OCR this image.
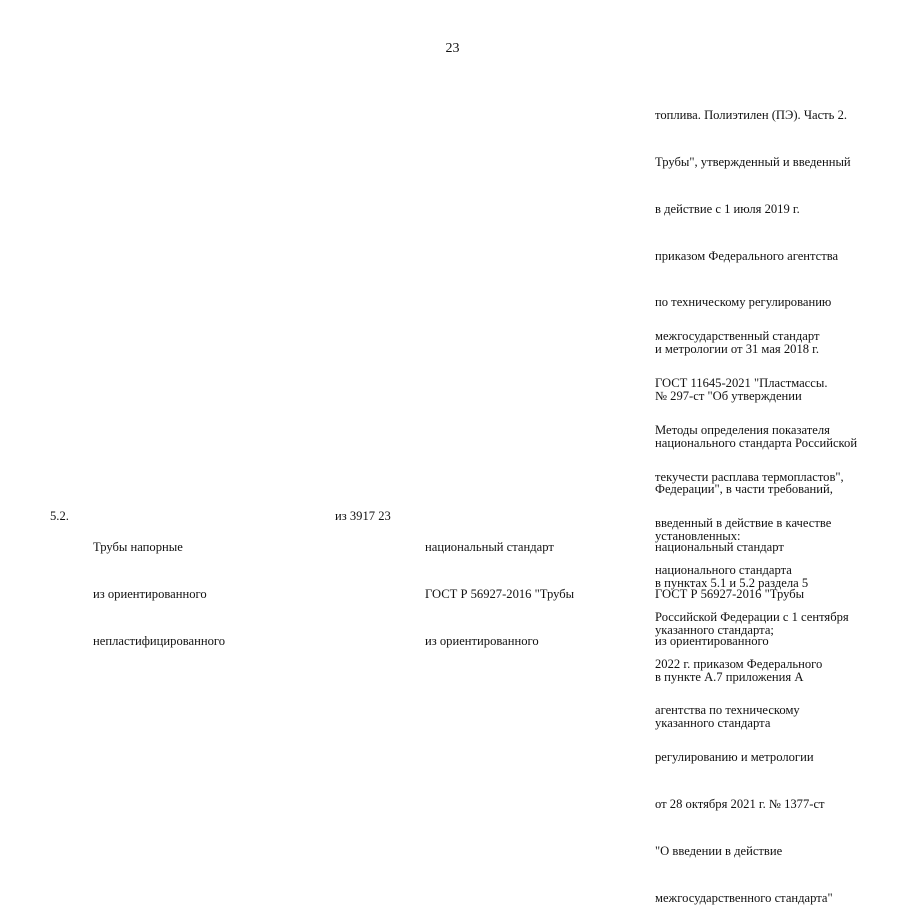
23

топлива. Полиэтилен (ПЭ). Часть 2.

Трубы", утвержденный и введенный

в действие с 1 июля 2019 г.

приказом Федерального агентства

по техническому регулированию

и метрологии от 31 мая 2018 г.

№ 297-ст "Об утверждении

национального стандарта Российской

Федерации", в части требований,

установленных:

в пунктах 5.1 и 5.2 раздела 5

указанного стандарта;

в пункте А.7 приложения А

указанного стандарта

межгосударственный стандарт

ГОСТ 11645-2021 "Пластмассы.

Методы определения показателя

текучести расплава термопластов",

введенный в действие в качестве

национального стандарта

Российской Федерации с 1 сентября

2022 г. приказом Федерального

агентства по техническому

регулированию и метрологии

от 28 октября 2021 г. № 1377-ст

"О введении в действие

межгосударственного стандарта"

5.2.

Трубы напорные

из ориентированного

непластифицированного

из 3917 23

национальный стандарт

ГОСТ Р 56927-2016 "Трубы

из ориентированного

национальный стандарт

ГОСТ Р 56927-2016 "Трубы

из ориентированного
